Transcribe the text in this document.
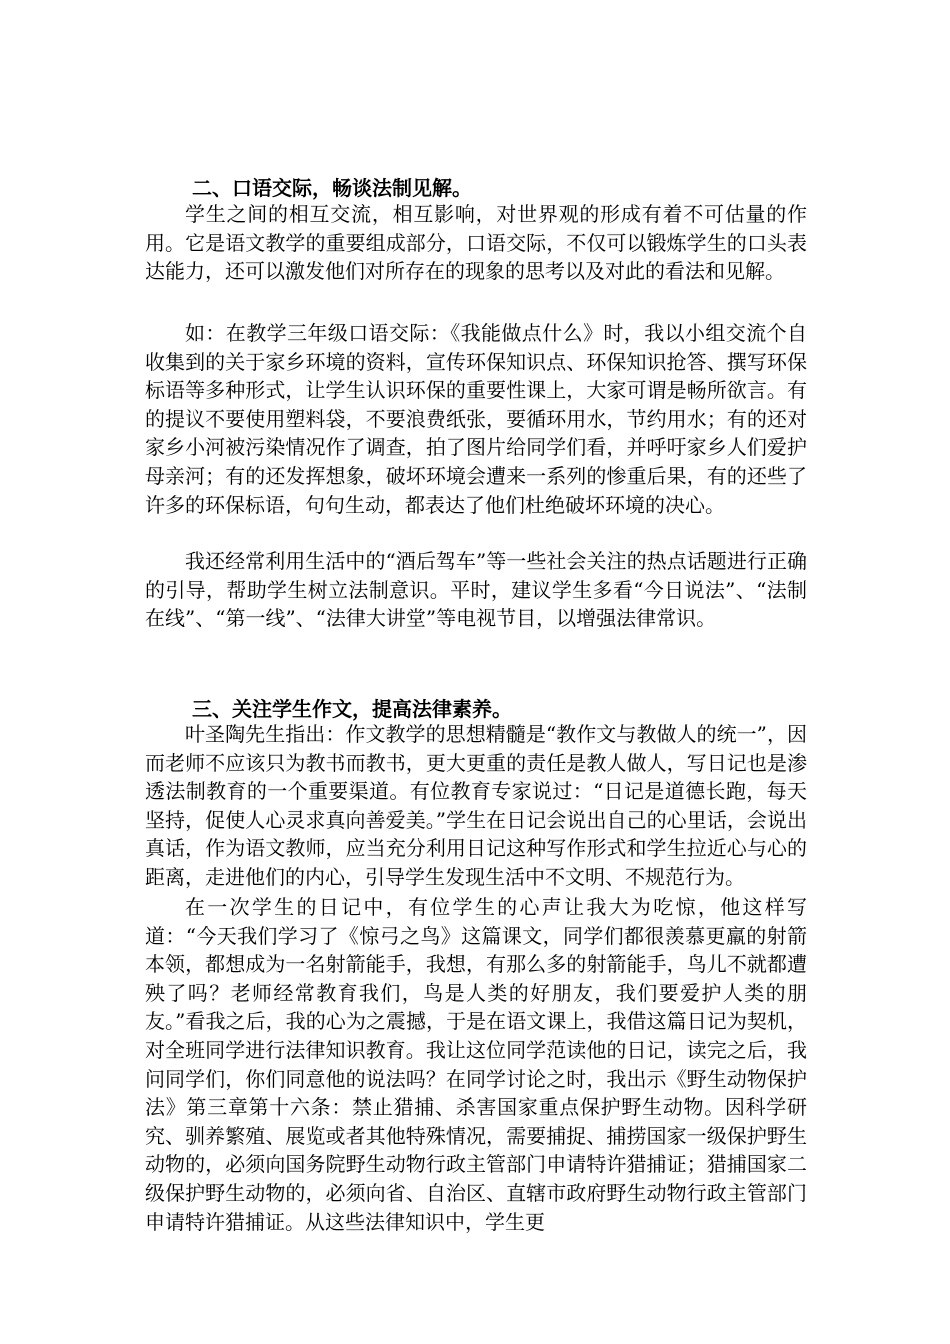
二、口语交际，畅谈法制见解。

学生之间的相互交流，相互影响，对世界观的形成有着不可估量的作用。它是语文教学的重要组成部分，口语交际，不仅可以锻炼学生的口头表达能力，还可以激发他们对所存在的现象的思考以及对此的看法和见解。

如：在教学三年级口语交际：《我能做点什么》时，我以小组交流个自收集到的关于家乡环境的资料，宣传环保知识点、环保知识抢答、撰写环保标语等多种形式，让学生认识环保的重要性课上，大家可谓是畅所欲言。有的提议不要使用塑料袋，不要浪费纸张，要循环用水，节约用水；有的还对家乡小河被污染情况作了调查，拍了图片给同学们看，并呼吁家乡人们爱护母亲河；有的还发挥想象，破坏环境会遭来一系列的惨重后果，有的还些了许多的环保标语，句句生动，都表达了他们杜绝破坏环境的决心。

我还经常利用生活中的“酒后驾车”等一些社会关注的热点话题进行正确的引导，帮助学生树立法制意识。平时，建议学生多看“今日说法”、“法制在线”、“第一线”、“法律大讲堂”等电视节目，以增强法律常识。

三、关注学生作文，提高法律素养。

叶圣陶先生指出：作文教学的思想精髓是“教作文与教做人的统一”，因而老师不应该只为教书而教书，更大更重的责任是教人做人，写日记也是渗透法制教育的一个重要渠道。有位教育专家说过：“日记是道德长跑，每天坚持，促使人心灵求真向善爱美。”学生在日记会说出自己的心里话，会说出真话，作为语文教师，应当充分利用日记这种写作形式和学生拉近心与心的距离，走进他们的内心，引导学生发现生活中不文明、不规范行为。

在一次学生的日记中，有位学生的心声让我大为吃惊，他这样写道：“今天我们学习了《惊弓之鸟》这篇课文，同学们都很羡慕更羸的射箭本领，都想成为一名射箭能手，我想，有那么多的射箭能手，鸟儿不就都遭殃了吗？老师经常教育我们，鸟是人类的好朋友，我们要爱护人类的朋友。”看我之后，我的心为之震撼，于是在语文课上，我借这篇日记为契机，对全班同学进行法律知识教育。我让这位同学范读他的日记，读完之后，我问同学们，你们同意他的说法吗？在同学讨论之时，我出示《野生动物保护法》第三章第十六条：禁止猎捕、杀害国家重点保护野生动物。因科学研究、驯养繁殖、展览或者其他特殊情况，需要捕捉、捕捞国家一级保护野生动物的，必须向国务院野生动物行政主管部门申请特许猎捕证；猎捕国家二级保护野生动物的，必须向省、自治区、直辖市政府野生动物行政主管部门申请特许猎捕证。从这些法律知识中，学生更
